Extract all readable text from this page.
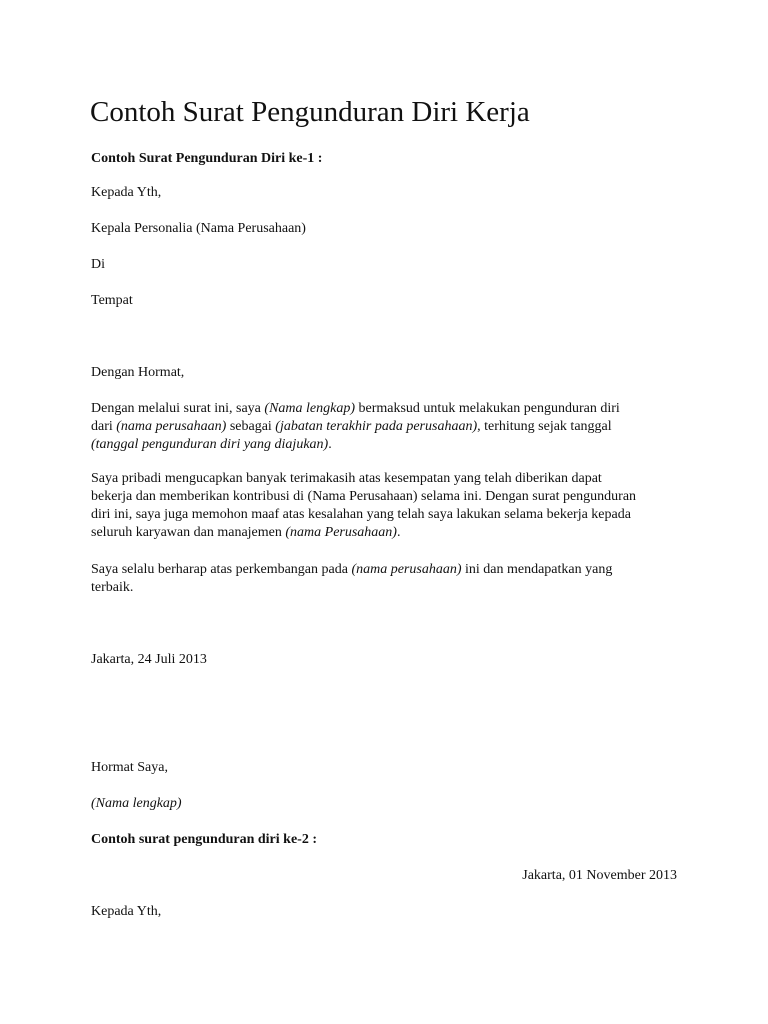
Contoh Surat Pengunduran Diri Kerja

Contoh Surat Pengunduran Diri ke-1 :

Kepada Yth,

Kepala Personalia (Nama Perusahaan)

Di

Tempat

Dengan Hormat,

Dengan melalui surat ini, saya (Nama lengkap) bermaksud untuk melakukan pengunduran diri
dari (nama perusahaan) sebagai (jabatan terakhir pada perusahaan), terhitung sejak tanggal
(tanggal pengunduran diri yang diajukan).
Saya pribadi mengucapkan banyak terimakasih atas kesempatan yang telah diberikan dapat
bekerja dan memberikan kontribusi di (Nama Perusahaan) selama ini. Dengan surat pengunduran
diri ini, saya juga memohon maaf atas kesalahan yang telah saya lakukan selama bekerja kepada
seluruh karyawan dan manajemen (nama Perusahaan).
Saya selalu berharap atas perkembangan pada (nama perusahaan) ini dan mendapatkan yang
terbaik.

Jakarta, 24 Juli 2013

Hormat Saya,

(Nama lengkap)

Contoh surat pengunduran diri ke-2 :

Jakarta, 01 November 2013

Kepada Yth,
